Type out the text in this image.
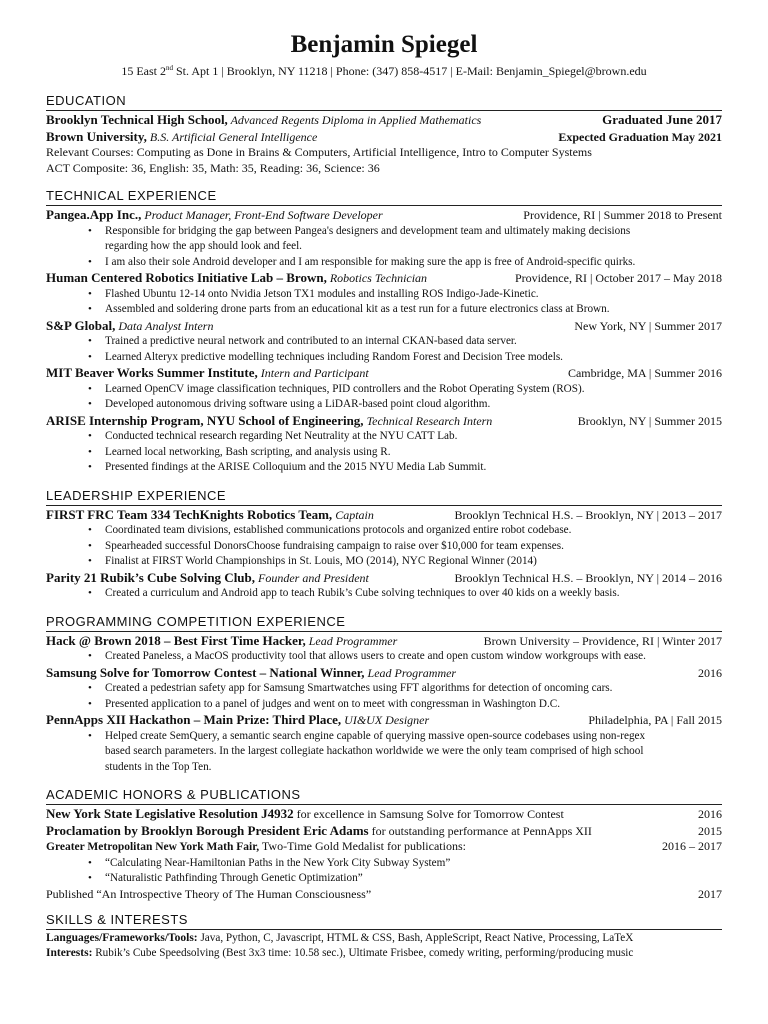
Benjamin Spiegel
15 East 2nd St. Apt 1 | Brooklyn, NY 11218 | Phone: (347) 858-4517 | E-Mail: Benjamin_Spiegel@brown.edu
EDUCATION
Brooklyn Technical High School, Advanced Regents Diploma in Applied Mathematics	Graduated June 2017
Brown University, B.S. Artificial General Intelligence	Expected Graduation May 2021
Relevant Courses: Computing as Done in Brains & Computers, Artificial Intelligence, Intro to Computer Systems
ACT Composite: 36, English: 35, Math: 35, Reading: 36, Science: 36
TECHNICAL EXPERIENCE
Pangea.App Inc., Product Manager, Front-End Software Developer	Providence, RI | Summer 2018 to Present
• Responsible for bridging the gap between Pangea's designers and development team and ultimately making decisions
regarding how the app should look and feel.
• I am also their sole Android developer and I am responsible for making sure the app is free of Android-specific quirks.
Human Centered Robotics Initiative Lab – Brown, Robotics Technician	Providence, RI | October 2017 – May 2018
• Flashed Ubuntu 12-14 onto Nvidia Jetson TX1 modules and installing ROS Indigo-Jade-Kinetic.
• Assembled and soldering drone parts from an educational kit as a test run for a future electronics class at Brown.
S&P Global, Data Analyst Intern	New York, NY | Summer 2017
• Trained a predictive neural network and contributed to an internal CKAN-based data server.
• Learned Alteryx predictive modelling techniques including Random Forest and Decision Tree models.
MIT Beaver Works Summer Institute, Intern and Participant	Cambridge, MA | Summer 2016
• Learned OpenCV image classification techniques, PID controllers and the Robot Operating System (ROS).
• Developed autonomous driving software using a LiDAR-based point cloud algorithm.
ARISE Internship Program, NYU School of Engineering, Technical Research Intern	Brooklyn, NY | Summer 2015
• Conducted technical research regarding Net Neutrality at the NYU CATT Lab.
• Learned local networking, Bash scripting, and analysis using R.
• Presented findings at the ARISE Colloquium and the 2015 NYU Media Lab Summit.
LEADERSHIP EXPERIENCE
FIRST FRC Team 334 TechKnights Robotics Team, Captain	Brooklyn Technical H.S. – Brooklyn, NY | 2013 – 2017
• Coordinated team divisions, established communications protocols and organized entire robot codebase.
• Spearheaded successful DonorsChoose fundraising campaign to raise over $10,000 for team expenses.
• Finalist at FIRST World Championships in St. Louis, MO (2014), NYC Regional Winner (2014)
Parity 21 Rubik’s Cube Solving Club, Founder and President	Brooklyn Technical H.S. – Brooklyn, NY | 2014 – 2016
• Created a curriculum and Android app to teach Rubik’s Cube solving techniques to over 40 kids on a weekly basis.
PROGRAMMING COMPETITION EXPERIENCE
Hack @ Brown 2018 – Best First Time Hacker, Lead Programmer	Brown University – Providence, RI | Winter 2017
• Created Paneless, a MacOS productivity tool that allows users to create and open custom window workgroups with ease.
Samsung Solve for Tomorrow Contest – National Winner, Lead Programmer	2016
• Created a pedestrian safety app for Samsung Smartwatches using FFT algorithms for detection of oncoming cars.
• Presented application to a panel of judges and went on to meet with congressman in Washington D.C.
PennApps XII Hackathon – Main Prize: Third Place, UI&UX Designer	Philadelphia, PA | Fall 2015
• Helped create SemQuery, a semantic search engine capable of querying massive open-source codebases using non-regex
based search parameters. In the largest collegiate hackathon worldwide we were the only team comprised of high school
students in the Top Ten.
ACADEMIC HONORS & PUBLICATIONS
New York State Legislative Resolution J4932 for excellence in Samsung Solve for Tomorrow Contest	2016
Proclamation by Brooklyn Borough President Eric Adams for outstanding performance at PennApps XII	2015
Greater Metropolitan New York Math Fair, Two-Time Gold Medalist for publications:	2016 – 2017
• “Calculating Near-Hamiltonian Paths in the New York City Subway System”
• “Naturalistic Pathfinding Through Genetic Optimization”
Published “An Introspective Theory of The Human Consciousness”	2017
SKILLS & INTERESTS
Languages/Frameworks/Tools: Java, Python, C, Javascript, HTML & CSS, Bash, AppleScript, React Native, Processing, LaTeX
Interests: Rubik’s Cube Speedsolving (Best 3x3 time: 10.58 sec.), Ultimate Frisbee, comedy writing, performing/producing music
